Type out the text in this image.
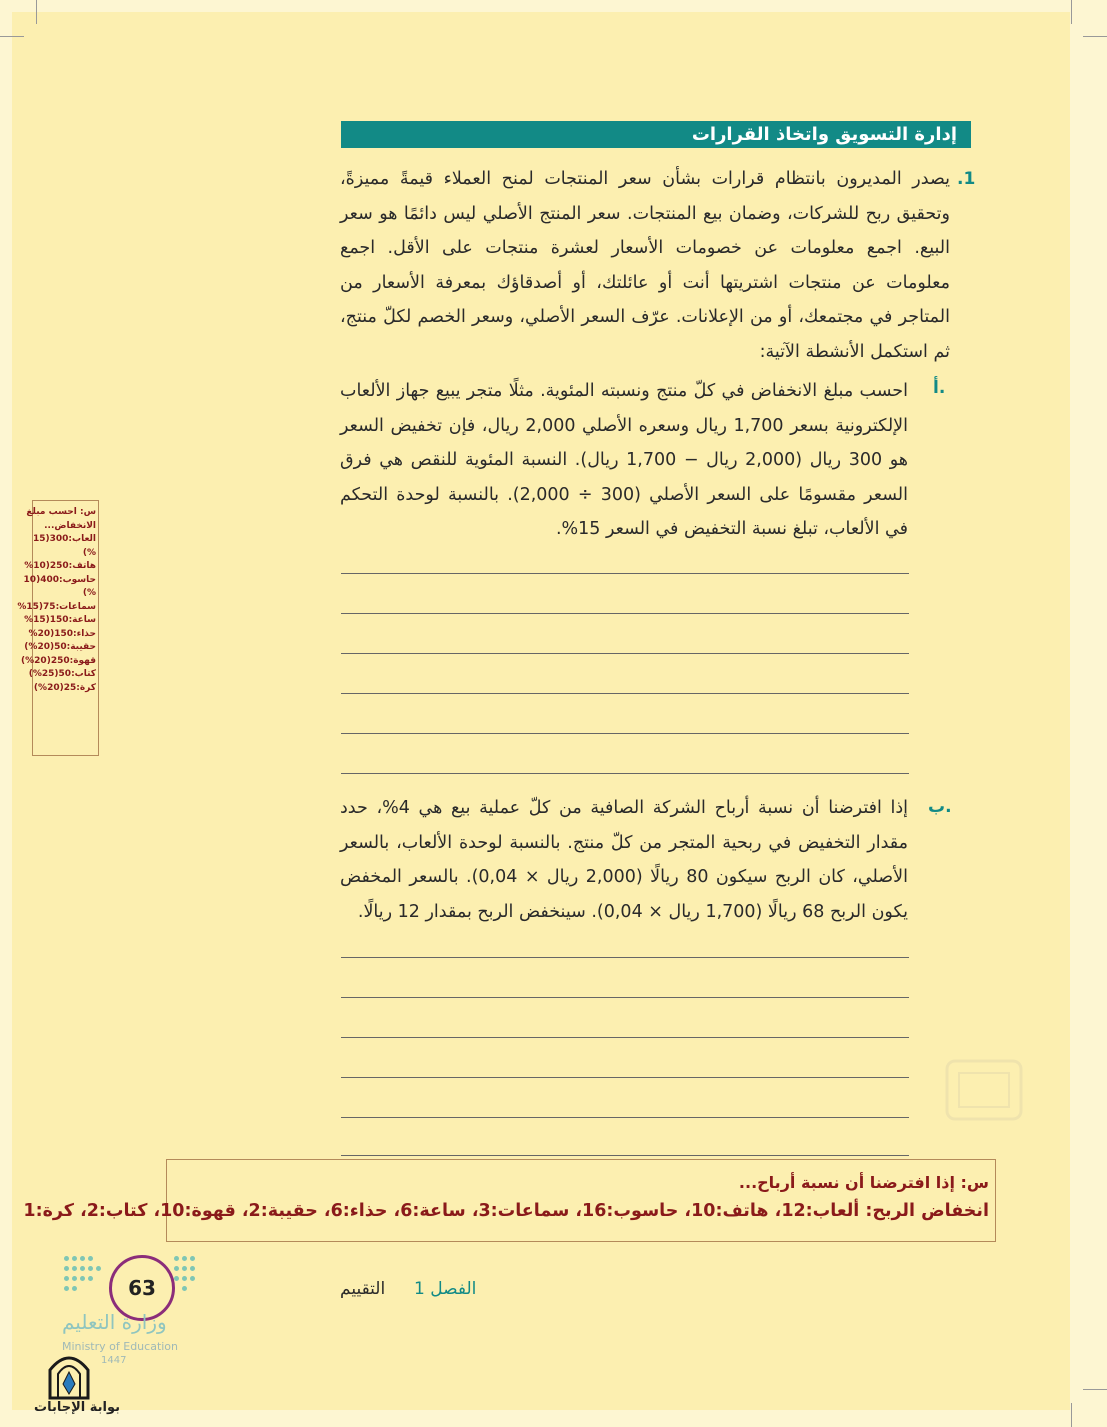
إدارة التسويق واتخاذ القرارات
.1
يصدر المديرون بانتظام قرارات بشأن سعر المنتجات لمنح العملاء قيمةً مميزةً، وتحقيق ربح للشركات، وضمان بيع المنتجات. سعر المنتج الأصلي ليس دائمًا هو سعر البيع. اجمع معلومات عن خصومات الأسعار لعشرة منتجات على الأقل. اجمع معلومات عن منتجات اشتريتها أنت أو عائلتك، أو أصدقاؤك بمعرفة الأسعار من المتاجر في مجتمعك، أو من الإعلانات. عرّف السعر الأصلي، وسعر الخصم لكلّ منتج، ثم استكمل الأنشطة الآتية:
أ.
احسب مبلغ الانخفاض في كلّ منتج ونسبته المئوية. مثلًا متجر يبيع جهاز الألعاب الإلكترونية بسعر 1,700 ريال وسعره الأصلي 2,000 ريال، فإن تخفيض السعر هو 300 ريال (2,000 ريال − 1,700 ريال). النسبة المئوية للنقص هي فرق السعر مقسومًا على السعر الأصلي (300 ÷ 2,000). بالنسبة لوحدة التحكم في الألعاب، تبلغ نسبة التخفيض في السعر 15%.
ب.
إذا افترضنا أن نسبة أرباح الشركة الصافية من كلّ عملية بيع هي 4%، حدد مقدار التخفيض في ربحية المتجر من كلّ منتج. بالنسبة لوحدة الألعاب، بالسعر الأصلي، كان الربح سيكون 80 ريالًا (2,000 ريال × 0,04). بالسعر المخفض يكون الربح 68 ريالًا (1,700 ريال × 0,04). سينخفض الربح بمقدار 12 ريالًا.
س: احسب مبلغ
الانخفاض...
العاب:300(15
%)
هاتف:250(10%
حاسوب:400(10
%)
سماعات:75(15%
ساعة:150(15%
حذاء:150(20%
حقيبة:50(20%)
قهوة:250(20%)
كتاب:50(25%)
كرة:25(20%)
س: إذا افترضنا أن نسبة أرباح...
انخفاض الربح: ألعاب:12، هاتف:10، حاسوب:16، سماعات:3، ساعة:6، حذاء:6، حقيبة:2، قهوة:10، كتاب:2، كرة:1
الفصل 1  التقييم
63
وزارة التعليم
Ministry of Education
1447
بوابة الإجابات
